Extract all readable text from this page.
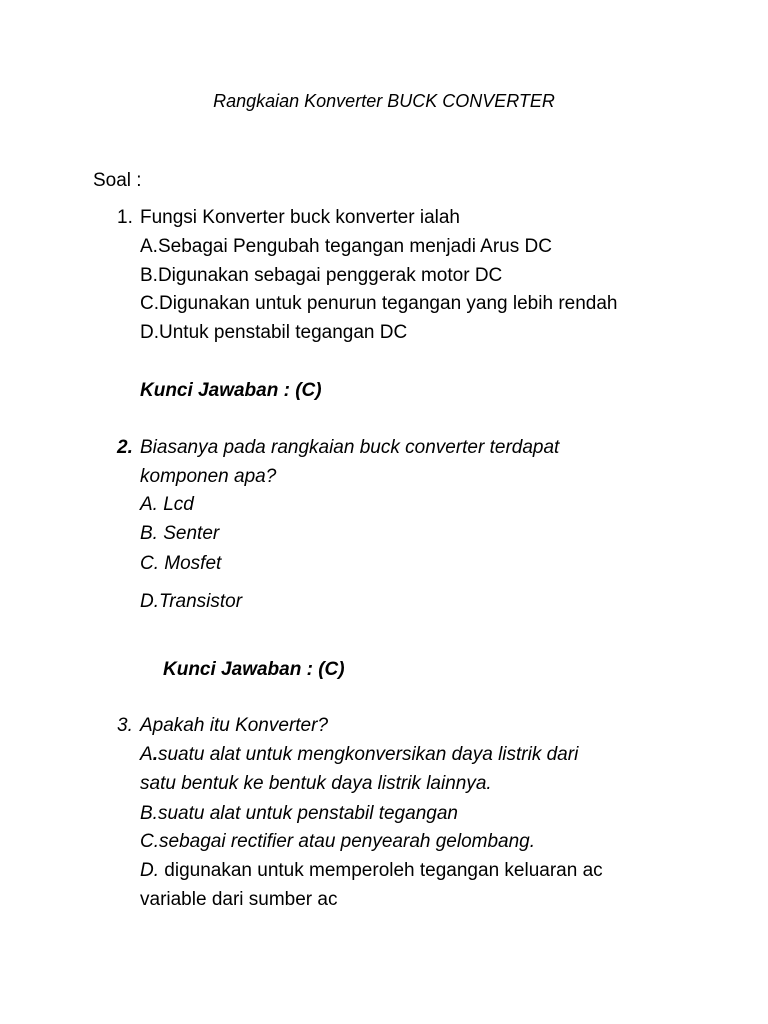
Rangkaian Konverter BUCK CONVERTER

Soal :

1. Fungsi Konverter buck konverter ialah
A.Sebagai Pengubah tegangan menjadi Arus DC
B.Digunakan sebagai penggerak motor DC
C.Digunakan untuk penurun tegangan yang lebih rendah
D.Untuk penstabil tegangan DC
Kunci Jawaban : (C)
2. Biasanya pada rangkaian buck converter terdapat
komponen apa?
A. Lcd
B. Senter
C. Mosfet
D.Transistor
Kunci Jawaban : (C)
3. Apakah itu Konverter?
A.suatu alat untuk mengkonversikan daya listrik dari
satu bentuk ke bentuk daya listrik lainnya.
B.suatu alat untuk penstabil tegangan
C.sebagai rectifier atau penyearah gelombang.
D. digunakan untuk memperoleh tegangan keluaran ac
variable dari sumber ac
